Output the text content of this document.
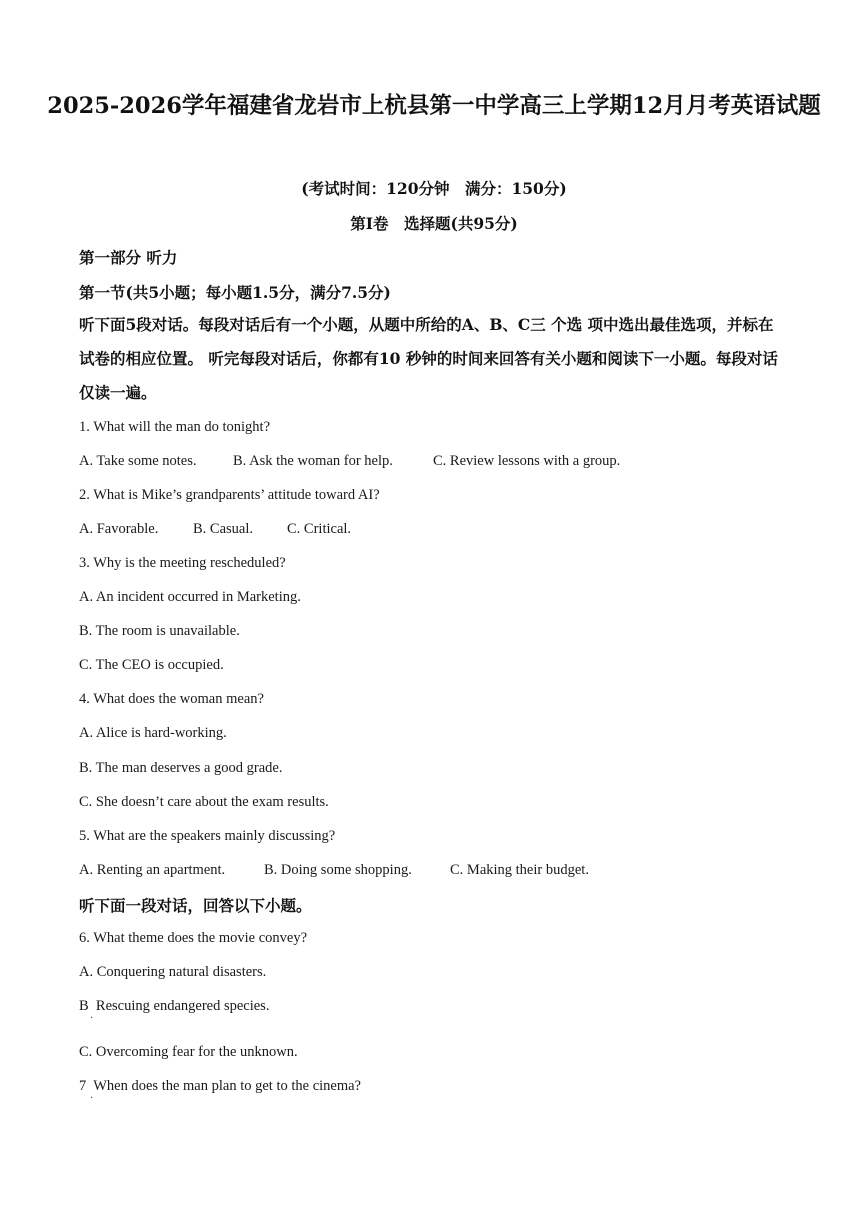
2025-2026学年福建省龙岩市上杭县第一中学高三上学期12月月考英语试题
(考试时间：120分钟　满分：150分)
第I卷　选择题(共95分)
第一部分 听力
第一节(共5小题；每小题1.5分，满分7.5分)
听下面5段对话。每段对话后有一个小题，从题中所给的A、B、C三 个选 项中选出最佳选项，并标在试卷的相应位置。 听完每段对话后，你都有10 秒钟的时间来回答有关小题和阅读下一小题。每段对话仅读一遍。
1. What will the man do tonight?
A. Take some notes.	B. Ask the woman for help.	C. Review lessons with a group.
2. What is Mike’s grandparents’ attitude toward AI?
A. Favorable. B. Casual. C. Critical.
3. Why is the meeting rescheduled?
A. An incident occurred in Marketing.
B. The room is unavailable.
C. The CEO is occupied.
4. What does the woman mean?
A. Alice is hard-working.
B. The man deserves a good grade.
C. She doesn’t care about the exam results.
5. What are the speakers mainly discussing?
A. Renting an apartment.	B. Doing some shopping.	C. Making their budget.
听下面一段对话，回答以下小题。
6. What theme does the movie convey?
A. Conquering natural disasters.
B  Rescuing endangered species.
·
C. Overcoming fear for the unknown.
7  When does the man plan to get to the cinema?
·
